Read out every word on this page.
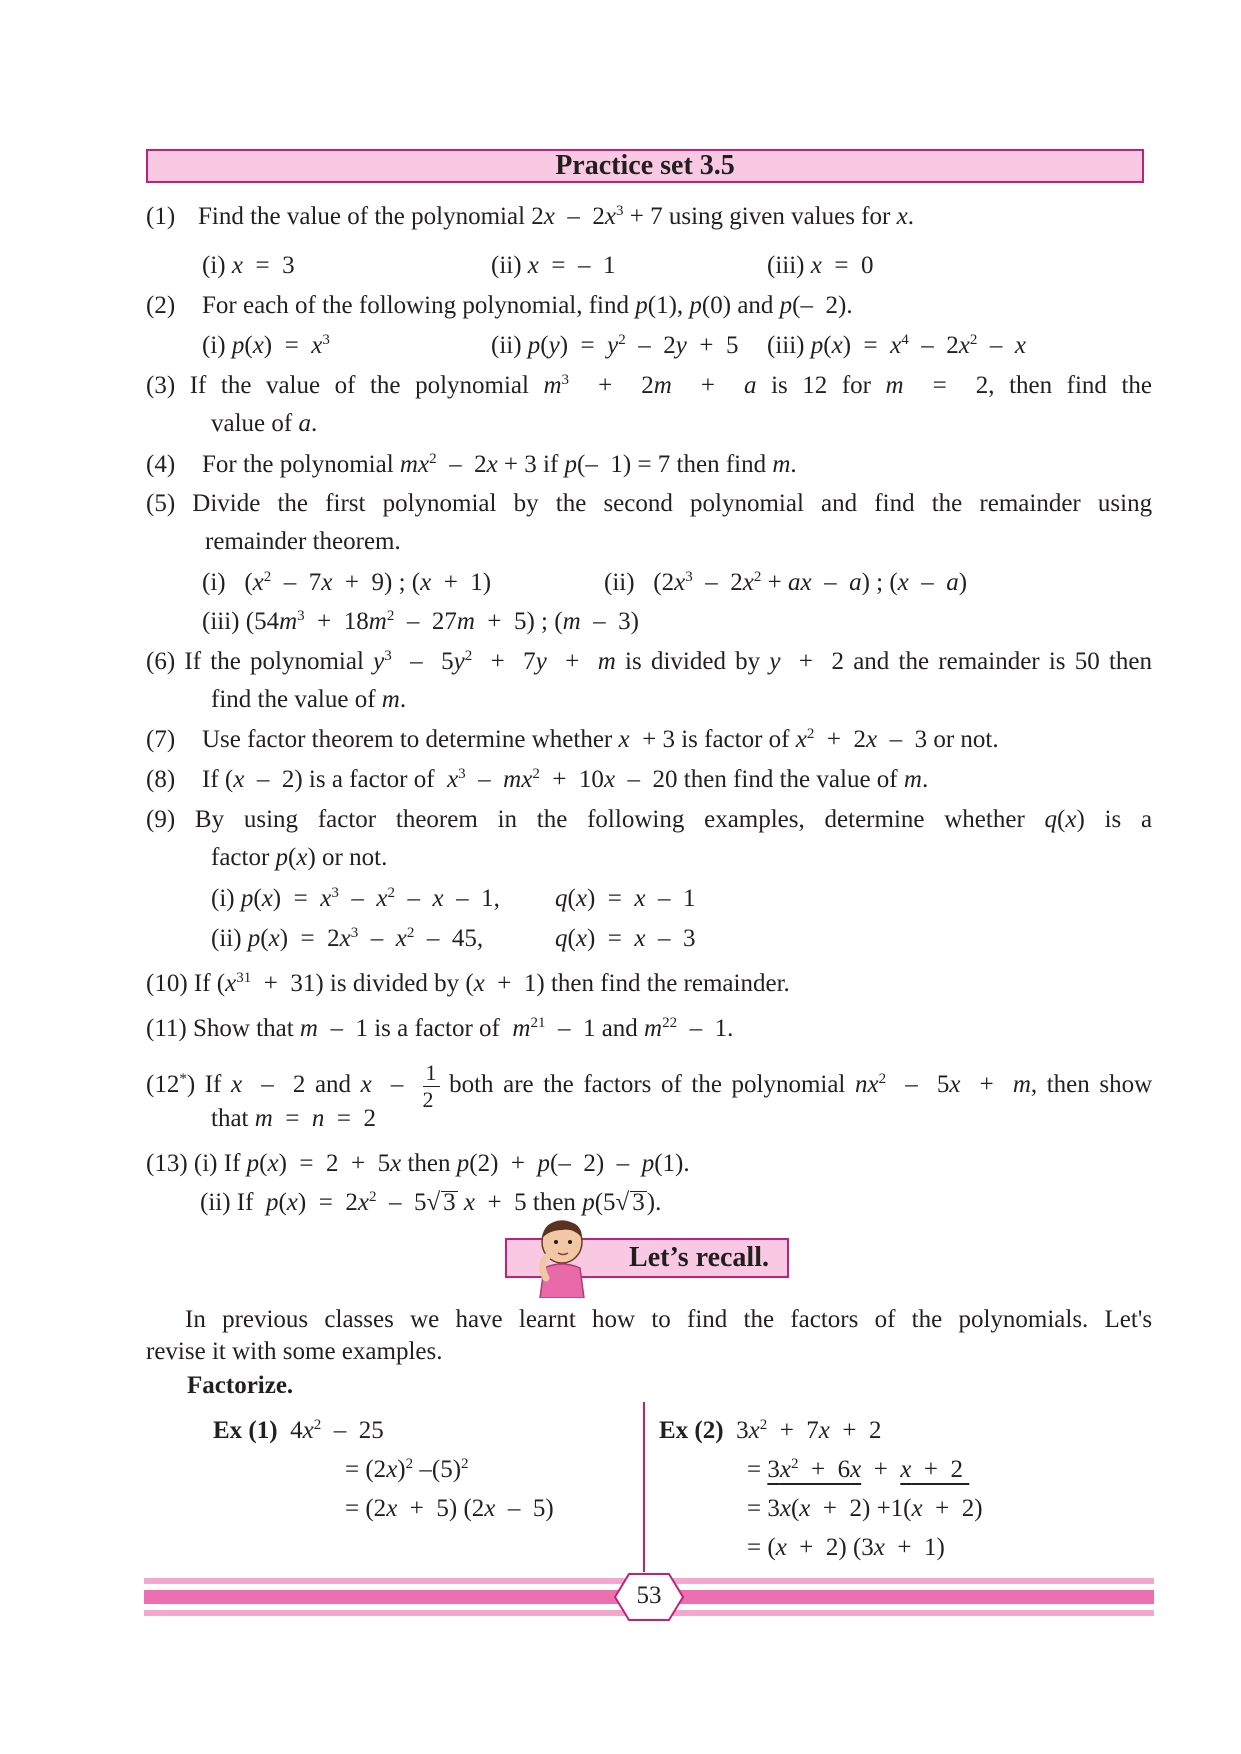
Practice set 3.5
(1) Find the value of the polynomial $2x - 2x^3 + 7$ using given values for x.
(i) x  =  3	(ii) x  =  –  1	(iii) x  =  0
(2) For each of the following polynomial, find p(1), p(0) and p(–  2).
(i) $p(x) = x^3$	(ii) $p(y) = y^2 - 2y + 5$ (iii) $p(x) = x^4 - 2x^2 - x$
(3) If the value of the polynomial $m^3 + 2m + a$ is 12 for m  =  2, then find the
value of a.
(4) For the polynomial $mx^2 - 2x + 3$ if p(–  1) = 7 then find m.
(5) Divide the first polynomial by the second polynomial and find the remainder using
remainder theorem.
(i)   $(x^2 - 7x + 9)$ ; (x  +  1)	(ii)   ($2x^3 - 2x^2$ + ax  –  a) ; (x  –  a)
(iii) $(54m^3 + 18m^2 - 27m + 5)$ ; (m  –  3)
(6) If the polynomial $y^3 - 5y^2 + 7y + m$ is divided by y  +  2 and the remainder is 50 then
find the value of m.
(7) Use factor theorem to determine whether x  + 3 is factor of $x^2 + 2x - 3$ or not.
(8) If (x  –  2) is a factor of  $x^3 - mx^2 + 10x - 20$ then find the value of m.
(9) By using factor theorem in the following examples, determine whether q(x) is a
factor p(x) or not.
(i) $p(x) = x^3 - x^2 - x - 1$, q(x)  =  x  –  1
(ii) $p(x) = 2x^3 - x^2 - 45$,	q(x)  =  x  –  3
(10) If $(x^{31} + 31)$ is divided by (x  +  1) then find the remainder.
(11) Show that m  –  1 is a factor of  $m^{21} - 1$ and $m^{22} - 1$.
(12*) If x  –  2 and x  – $\frac{1}{2}$ both are the factors of the polynomial $nx^2 - 5x + m$, then show
that m  =  n  =  2
(13) (i) If p(x)  =  2  +  5x then p(2)  +  p(–  2)  –  p(1).
(ii) If  $p(x) = 2x^2 - 5√$ 3 x  +  5 then p(5√ 3).
Let’s recall.
In previous classes we have learnt how to find the factors of the polynomials. Let's
revise it with some examples.
Factorize.
Ex (1)  $4x^2 - 25$
= $(2x)^2$ $-(5)^2$
= (2x  +  5) (2x  –  5)
Ex (2)  $3x^2 + 7x + 2$
= $3x^2 + 6x + x + 2$
= 3x(x  +  2) +1(x  +  2)
= (x  +  2) (3x  +  1)
53
